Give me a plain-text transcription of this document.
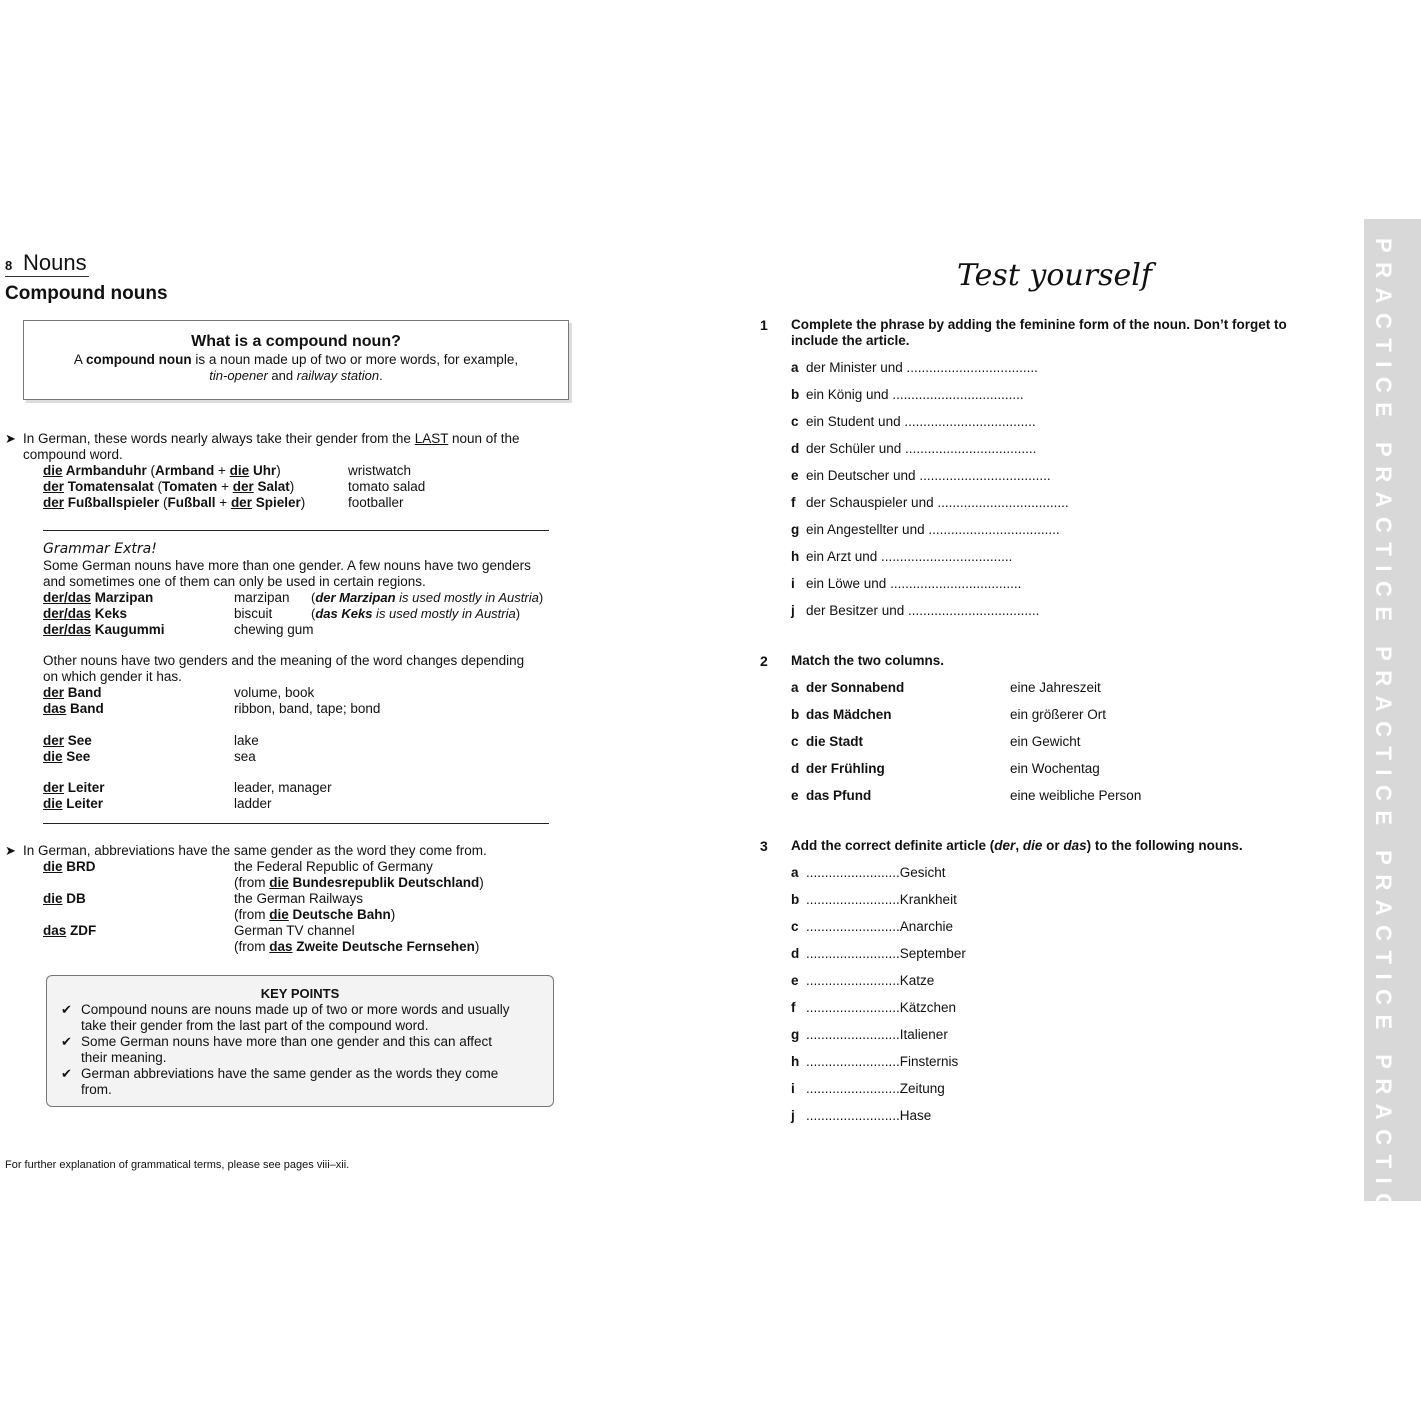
8 Nouns
Compound nouns
What is a compound noun?
A compound noun is a noun made up of two or more words, for example,
tin-opener and railway station.
➤ In German, these words nearly always take their gender from the LAST noun of the
compound word.
die Armbanduhr (Armband + die Uhr)	wristwatch
der Tomatensalat (Tomaten + der Salat)	tomato salad
der Fußballspieler (Fußball + der Spieler)	footballer
Grammar Extra!
Some German nouns have more than one gender. A few nouns have two genders
and sometimes one of them can only be used in certain regions.
der/das Marzipan	marzipan (der Marzipan is used mostly in Austria)
der/das Keks	biscuit	(das Keks is used mostly in Austria)
der/das Kaugummi	chewing gum
Other nouns have two genders and the meaning of the word changes depending
on which gender it has.
der Band	volume, book
das Band	ribbon, band, tape; bond
der See	lake
die See	sea
der Leiter	leader, manager
die Leiter	ladder
➤ In German, abbreviations have the same gender as the word they come from.
die BRD	the Federal Republic of Germany
(from die Bundesrepublik Deutschland)
die DB	the German Railways
(from die Deutsche Bahn)
das ZDF	German TV channel
(from das Zweite Deutsche Fernsehen)
KEY POINTS
✔ Compound nouns are nouns made up of two or more words and usually
take their gender from the last part of the compound word.
✔ Some German nouns have more than one gender and this can affect
their meaning.
✔ German abbreviations have the same gender as the words they come
from.
For further explanation of grammatical terms, please see pages viii–xii.
Test yourself
1 Complete the phrase by adding the feminine form of the noun. Don’t forget to
include the article.
a der Minister und ...................................
b ein König und ...................................
c ein Student und ...................................
d der Schüler und ...................................
e ein Deutscher und ...................................
f der Schauspieler und ...................................
g ein Angestellter und ...................................
h ein Arzt und ...................................
i ein Löwe und ...................................
j der Besitzer und ...................................
2 Match the two columns.
a der Sonnabend	eine Jahreszeit
b das Mädchen	ein größerer Ort
c die Stadt	ein Gewicht
d der Frühling	ein Wochentag
e das Pfund	eine weibliche Person
3 Add the correct definite article (der, die or das) to the following nouns.
a .........................Gesicht
b .........................Krankheit
c .........................Anarchie
d .........................September
e .........................Katze
f .........................Kätzchen
g .........................Italiener
h .........................Finsternis
i .........................Zeitung
j .........................Hase	PRACTICE PRACTICE PRACTICE PRACTICE PRACTICE
